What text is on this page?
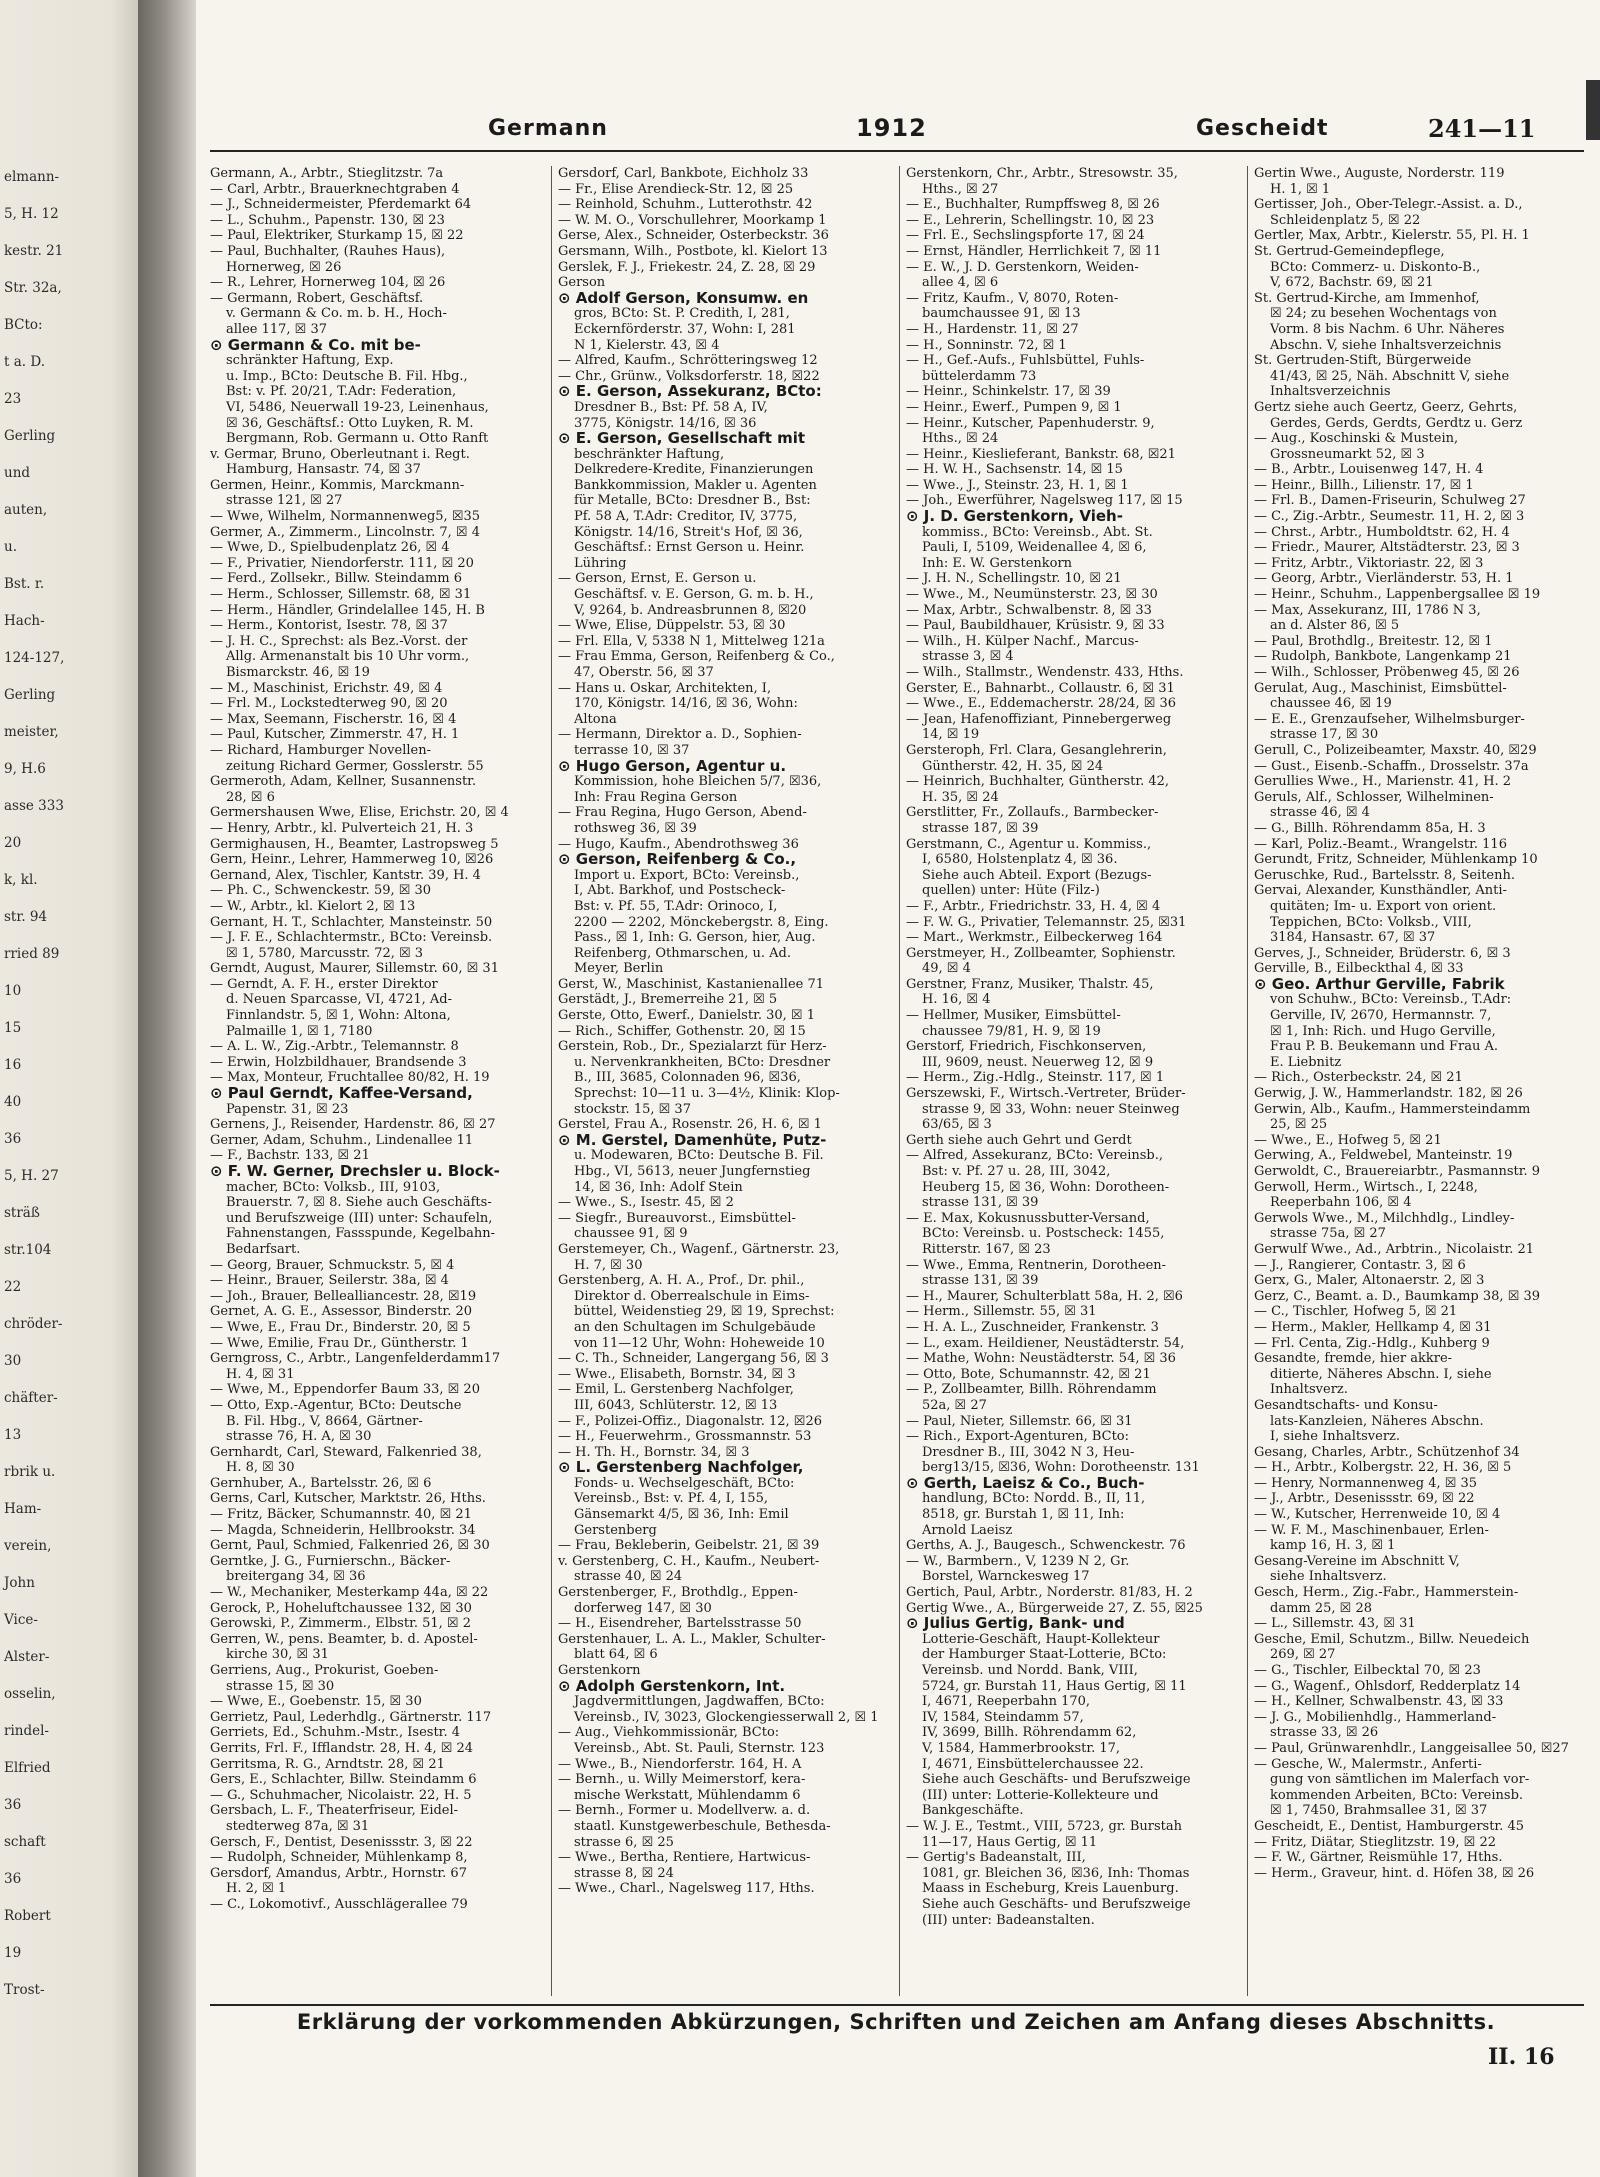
elmann-
5, H. 12
kestr. 21
Str. 32a,
BCto:
t a. D.
23
Gerling
und
auten,
u.
Bst. r.
Hach-
124-127,
Gerling
meister,
9, H.6
asse 333
20
k, kl.
str. 94
rried 89
10
15
16
40
36
5, H. 27
sträß
str.104
22
chröder-
30
chäfter-
13
rbrik u.
Ham-
verein,
John
Vice-
Alster-
osselin,
rindel-
Elfried
36
schaft
36
Robert
19
Trost-
Germann	1912	Gescheidt	241—11
Germann, A., Arbtr., Stieglitzstr. 7a
— Carl, Arbtr., Brauerknechtgraben 4
— J., Schneidermeister, Pferdemarkt 64
— L., Schuhm., Papenstr. 130, ☒ 23
— Paul, Elektriker, Sturkamp 15, ☒ 22
— Paul, Buchhalter, (Rauhes Haus),
Hornerweg, ☒ 26
— R., Lehrer, Hornerweg 104, ☒ 26
— Germann, Robert, Geschäftsf.
v. Germann & Co. m. b. H., Hoch-
allee 117, ☒ 37
⊙ Germann & Co. mit be-
schränkter Haftung, Exp.
u. Imp., BCto: Deutsche B. Fil. Hbg.,
Bst: v. Pf. 20/21, T.Adr: Federation,
VI, 5486, Neuerwall 19-23, Leinenhaus,
☒ 36, Geschäftsf.: Otto Luyken, R. M.
Bergmann, Rob. Germann u. Otto Ranft
v. Germar, Bruno, Oberleutnant i. Regt.
Hamburg, Hansastr. 74, ☒ 37
Germen, Heinr., Kommis, Marckmann-
strasse 121, ☒ 27
— Wwe, Wilhelm, Normannenweg5, ☒35
Germer, A., Zimmerm., Lincolnstr. 7, ☒ 4
— Wwe, D., Spielbudenplatz 26, ☒ 4
— F., Privatier, Niendorferstr. 111, ☒ 20
— Ferd., Zollsekr., Billw. Steindamm 6
— Herm., Schlosser, Sillemstr. 68, ☒ 31
— Herm., Händler, Grindelallee 145, H. B
— Herm., Kontorist, Isestr. 78, ☒ 37
— J. H. C., Sprechst: als Bez.-Vorst. der
Allg. Armenanstalt bis 10 Uhr vorm.,
Bismarckstr. 46, ☒ 19
— M., Maschinist, Erichstr. 49, ☒ 4
— Frl. M., Lockstedterweg 90, ☒ 20
— Max, Seemann, Fischerstr. 16, ☒ 4
— Paul, Kutscher, Zimmerstr. 47, H. 1
— Richard, Hamburger Novellen-
zeitung Richard Germer, Gosslerstr. 55
Germeroth, Adam, Kellner, Susannenstr.
28, ☒ 6
Germershausen Wwe, Elise, Erichstr. 20, ☒ 4
— Henry, Arbtr., kl. Pulverteich 21, H. 3
Germighausen, H., Beamter, Lastropsweg 5
Gern, Heinr., Lehrer, Hammerweg 10, ☒26
Gernand, Alex, Tischler, Kantstr. 39, H. 4
— Ph. C., Schwenckestr. 59, ☒ 30
— W., Arbtr., kl. Kielort 2, ☒ 13
Gernant, H. T., Schlachter, Mansteinstr. 50
— J. F. E., Schlachtermstr., BCto: Vereinsb.
☒ 1, 5780, Marcusstr. 72, ☒ 3
Gerndt, August, Maurer, Sillemstr. 60, ☒ 31
— Gerndt, A. F. H., erster Direktor
d. Neuen Sparcasse, VI, 4721, Ad-
Finnlandstr. 5, ☒ 1, Wohn: Altona,
Palmaille 1, ☒ 1, 7180
— A. L. W., Zig.-Arbtr., Telemannstr. 8
— Erwin, Holzbildhauer, Brandsende 3
— Max, Monteur, Fruchtallee 80/82, H. 19
⊙ Paul Gerndt, Kaffee-Versand,
Papenstr. 31, ☒ 23
Gernens, J., Reisender, Hardenstr. 86, ☒ 27
Gerner, Adam, Schuhm., Lindenallee 11
— F., Bachstr. 133, ☒ 21
⊙ F. W. Gerner, Drechsler u. Block-
macher, BCto: Volksb., III, 9103,
Brauerstr. 7, ☒ 8. Siehe auch Geschäfts-
und Berufszweige (III) unter: Schaufeln,
Fahnenstangen, Fassspunde, Kegelbahn-
Bedarfsart.
— Georg, Brauer, Schmuckstr. 5, ☒ 4
— Heinr., Brauer, Seilerstr. 38a, ☒ 4
— Joh., Brauer, Bellealliancestr. 28, ☒19
Gernet, A. G. E., Assessor, Binderstr. 20
— Wwe, E., Frau Dr., Binderstr. 20, ☒ 5
— Wwe, Emilie, Frau Dr., Güntherstr. 1
Gerngross, C., Arbtr., Langenfelderdamm17
H. 4, ☒ 31
— Wwe, M., Eppendorfer Baum 33, ☒ 20
— Otto, Exp.-Agentur, BCto: Deutsche
B. Fil. Hbg., V, 8664, Gärtner-
strasse 76, H. A, ☒ 30
Gernhardt, Carl, Steward, Falkenried 38,
H. 8, ☒ 30
Gernhuber, A., Bartelsstr. 26, ☒ 6
Gerns, Carl, Kutscher, Marktstr. 26, Hths.
— Fritz, Bäcker, Schumannstr. 40, ☒ 21
— Magda, Schneiderin, Hellbrookstr. 34
Gernt, Paul, Schmied, Falkenried 26, ☒ 30
Gerntke, J. G., Furnierschn., Bäcker-
breitergang 34, ☒ 36
— W., Mechaniker, Mesterkamp 44a, ☒ 22
Gerock, P., Hoheluftchaussee 132, ☒ 30
Gerowski, P., Zimmerm., Elbstr. 51, ☒ 2
Gerren, W., pens. Beamter, b. d. Apostel-
kirche 30, ☒ 31
Gerriens, Aug., Prokurist, Goeben-
strasse 15, ☒ 30
— Wwe, E., Goebenstr. 15, ☒ 30
Gerrietz, Paul, Lederhdlg., Gärtnerstr. 117
Gerriets, Ed., Schuhm.-Mstr., Isestr. 4
Gerrits, Frl. F., Ifflandstr. 28, H. 4, ☒ 24
Gerritsma, R. G., Arndtstr. 28, ☒ 21
Gers, E., Schlachter, Billw. Steindamm 6
— G., Schuhmacher, Nicolaistr. 22, H. 5
Gersbach, L. F., Theaterfriseur, Eidel-
stedterweg 87a, ☒ 31
Gersch, F., Dentist, Desenissstr. 3, ☒ 22
— Rudolph, Schneider, Mühlenkamp 8,
Gersdorf, Amandus, Arbtr., Hornstr. 67
H. 2, ☒ 1
— C., Lokomotivf., Ausschlägerallee 79
Gersdorf, Carl, Bankbote, Eichholz 33
— Fr., Elise Arendieck-Str. 12, ☒ 25
— Reinhold, Schuhm., Lutterothstr. 42
— W. M. O., Vorschullehrer, Moorkamp 1
Gerse, Alex., Schneider, Osterbeckstr. 36
Gersmann, Wilh., Postbote, kl. Kielort 13
Gerslek, F. J., Friekestr. 24, Z. 28, ☒ 29
Gerson
⊙ Adolf Gerson, Konsumw. en
gros, BCto: St. P. Credith, I, 281,
Eckernförderstr. 37, Wohn: I, 281
N 1, Kielerstr. 43, ☒ 4
— Alfred, Kaufm., Schrötteringsweg 12
— Chr., Grünw., Volksdorferstr. 18, ☒22
⊙ E. Gerson, Assekuranz, BCto:
Dresdner B., Bst: Pf. 58 A, IV,
3775, Königstr. 14/16, ☒ 36
⊙ E. Gerson, Gesellschaft mit
beschränkter Haftung,
Delkredere-Kredite, Finanzierungen
Bankkommission, Makler u. Agenten
für Metalle, BCto: Dresdner B., Bst:
Pf. 58 A, T.Adr: Creditor, IV, 3775,
Königstr. 14/16, Streit's Hof, ☒ 36,
Geschäftsf.: Ernst Gerson u. Heinr.
Lühring
— Gerson, Ernst, E. Gerson u.
Geschäftsf. v. E. Gerson, G. m. b. H.,
V, 9264, b. Andreasbrunnen 8, ☒20
— Wwe, Elise, Düppelstr. 53, ☒ 30
— Frl. Ella, V, 5338 N 1, Mittelweg 121a
— Frau Emma, Gerson, Reifenberg & Co.,
47, Oberstr. 56, ☒ 37
— Hans u. Oskar, Architekten, I,
170, Königstr. 14/16, ☒ 36, Wohn:
Altona
— Hermann, Direktor a. D., Sophien-
terrasse 10, ☒ 37
⊙ Hugo Gerson, Agentur u.
Kommission, hohe Bleichen 5/7, ☒36,
Inh: Frau Regina Gerson
— Frau Regina, Hugo Gerson, Abend-
rothsweg 36, ☒ 39
— Hugo, Kaufm., Abendrothsweg 36
⊙ Gerson, Reifenberg & Co.,
Import u. Export, BCto: Vereinsb.,
I, Abt. Barkhof, und Postscheck-
Bst: v. Pf. 55, T.Adr: Orinoco, I,
2200 — 2202, Mönckebergstr. 8, Eing.
Pass., ☒ 1, Inh: G. Gerson, hier, Aug.
Reifenberg, Othmarschen, u. Ad.
Meyer, Berlin
Gerst, W., Maschinist, Kastanienallee 71
Gerstädt, J., Bremerreihe 21, ☒ 5
Gerste, Otto, Ewerf., Danielstr. 30, ☒ 1
— Rich., Schiffer, Gothenstr. 20, ☒ 15
Gerstein, Rob., Dr., Spezialarzt für Herz-
u. Nervenkrankheiten, BCto: Dresdner
B., III, 3685, Colonnaden 96, ☒36,
Sprechst: 10—11 u. 3—4½, Klinik: Klop-
stockstr. 15, ☒ 37
Gerstel, Frau A., Rosenstr. 26, H. 6, ☒ 1
⊙ M. Gerstel, Damenhüte, Putz-
u. Modewaren, BCto: Deutsche B. Fil.
Hbg., VI, 5613, neuer Jungfernstieg
14, ☒ 36, Inh: Adolf Stein
— Wwe., S., Isestr. 45, ☒ 2
— Siegfr., Bureauvorst., Eimsbüttel-
chaussee 91, ☒ 9
Gerstemeyer, Ch., Wagenf., Gärtnerstr. 23,
H. 7, ☒ 30
Gerstenberg, A. H. A., Prof., Dr. phil.,
Direktor d. Oberrealschule in Eims-
büttel, Weidenstieg 29, ☒ 19, Sprechst:
an den Schultagen im Schulgebäude
von 11—12 Uhr, Wohn: Hoheweide 10
— C. Th., Schneider, Langergang 56, ☒ 3
— Wwe., Elisabeth, Bornstr. 34, ☒ 3
— Emil, L. Gerstenberg Nachfolger,
III, 6043, Schlüterstr. 12, ☒ 13
— F., Polizei-Offiz., Diagonalstr. 12, ☒26
— H., Feuerwehrm., Grossmannstr. 53
— H. Th. H., Bornstr. 34, ☒ 3
⊙ L. Gerstenberg Nachfolger,
Fonds- u. Wechselgeschäft, BCto:
Vereinsb., Bst: v. Pf. 4, I, 155,
Gänsemarkt 4/5, ☒ 36, Inh: Emil
Gerstenberg
— Frau, Bekleberin, Geibelstr. 21, ☒ 39
v. Gerstenberg, C. H., Kaufm., Neubert-
strasse 40, ☒ 24
Gerstenberger, F., Brothdlg., Eppen-
dorferweg 147, ☒ 30
— H., Eisendreher, Bartelsstrasse 50
Gerstenhauer, L. A. L., Makler, Schulter-
blatt 64, ☒ 6
Gerstenkorn
⊙ Adolph Gerstenkorn, Int.
Jagdvermittlungen, Jagdwaffen, BCto:
Vereinsb., IV, 3023, Glockengiesserwall 2, ☒ 1
— Aug., Viehkommissionär, BCto:
Vereinsb., Abt. St. Pauli, Sternstr. 123
— Wwe., B., Niendorferstr. 164, H. A
— Bernh., u. Willy Meimerstorf, kera-
mische Werkstatt, Mühlendamm 6
— Bernh., Former u. Modellverw. a. d.
staatl. Kunstgewerbeschule, Bethesda-
strasse 6, ☒ 25
— Wwe., Bertha, Rentiere, Hartwicus-
strasse 8, ☒ 24
— Wwe., Charl., Nagelsweg 117, Hths.
Gerstenkorn, Chr., Arbtr., Stresowstr. 35,
Hths., ☒ 27
— E., Buchhalter, Rumpffsweg 8, ☒ 26
— E., Lehrerin, Schellingstr. 10, ☒ 23
— Frl. E., Sechslingspforte 17, ☒ 24
— Ernst, Händler, Herrlichkeit 7, ☒ 11
— E. W., J. D. Gerstenkorn, Weiden-
allee 4, ☒ 6
— Fritz, Kaufm., V, 8070, Roten-
baumchaussee 91, ☒ 13
— H., Hardenstr. 11, ☒ 27
— H., Sonninstr. 72, ☒ 1
— H., Gef.-Aufs., Fuhlsbüttel, Fuhls-
büttelerdamm 73
— Heinr., Schinkelstr. 17, ☒ 39
— Heinr., Ewerf., Pumpen 9, ☒ 1
— Heinr., Kutscher, Papenhuderstr. 9,
Hths., ☒ 24
— Heinr., Kieslieferant, Bankstr. 68, ☒21
— H. W. H., Sachsenstr. 14, ☒ 15
— Wwe., J., Steinstr. 23, H. 1, ☒ 1
— Joh., Ewerführer, Nagelsweg 117, ☒ 15
⊙ J. D. Gerstenkorn, Vieh-
kommiss., BCto: Vereinsb., Abt. St.
Pauli, I, 5109, Weidenallee 4, ☒ 6,
Inh: E. W. Gerstenkorn
— J. H. N., Schellingstr. 10, ☒ 21
— Wwe., M., Neumünsterstr. 23, ☒ 30
— Max, Arbtr., Schwalbenstr. 8, ☒ 33
— Paul, Baubildhauer, Krüsistr. 9, ☒ 33
— Wilh., H. Külper Nachf., Marcus-
strasse 3, ☒ 4
— Wilh., Stallmstr., Wendenstr. 433, Hths.
Gerster, E., Bahnarbt., Collaustr. 6, ☒ 31
— Wwe., E., Eddemacherstr. 28/24, ☒ 36
— Jean, Hafenoffiziant, Pinnebergerweg
14, ☒ 19
Gersteroph, Frl. Clara, Gesanglehrerin,
Güntherstr. 42, H. 35, ☒ 24
— Heinrich, Buchhalter, Güntherstr. 42,
H. 35, ☒ 24
Gerstlitter, Fr., Zollaufs., Barmbecker-
strasse 187, ☒ 39
Gerstmann, C., Agentur u. Kommiss.,
I, 6580, Holstenplatz 4, ☒ 36.
Siehe auch Abteil. Export (Bezugs-
quellen) unter: Hüte (Filz-)
— F., Arbtr., Friedrichstr. 33, H. 4, ☒ 4
— F. W. G., Privatier, Telemannstr. 25, ☒31
— Mart., Werkmstr., Eilbeckerweg 164
Gerstmeyer, H., Zollbeamter, Sophienstr.
49, ☒ 4
Gerstner, Franz, Musiker, Thalstr. 45,
H. 16, ☒ 4
— Hellmer, Musiker, Eimsbüttel-
chaussee 79/81, H. 9, ☒ 19
Gerstorf, Friedrich, Fischkonserven,
III, 9609, neust. Neuerweg 12, ☒ 9
— Herm., Zig.-Hdlg., Steinstr. 117, ☒ 1
Gerszewski, F., Wirtsch.-Vertreter, Brüder-
strasse 9, ☒ 33, Wohn: neuer Steinweg
63/65, ☒ 3
Gerth siehe auch Gehrt und Gerdt
— Alfred, Assekuranz, BCto: Vereinsb.,
Bst: v. Pf. 27 u. 28, III, 3042,
Heuberg 15, ☒ 36, Wohn: Dorotheen-
strasse 131, ☒ 39
— E. Max, Kokusnussbutter-Versand,
BCto: Vereinsb. u. Postscheck: 1455,
Ritterstr. 167, ☒ 23
— Wwe., Emma, Rentnerin, Dorotheen-
strasse 131, ☒ 39
— H., Maurer, Schulterblatt 58a, H. 2, ☒6
— Herm., Sillemstr. 55, ☒ 31
— H. A. L., Zuschneider, Frankenstr. 3
— L., exam. Heildiener, Neustädterstr. 54,
— Mathe, Wohn: Neustädterstr. 54, ☒ 36
— Otto, Bote, Schumannstr. 42, ☒ 21
— P., Zollbeamter, Billh. Röhrendamm
52a, ☒ 27
— Paul, Nieter, Sillemstr. 66, ☒ 31
— Rich., Export-Agenturen, BCto:
Dresdner B., III, 3042 N 3, Heu-
berg13/15, ☒36, Wohn: Dorotheenstr. 131
⊙ Gerth, Laeisz & Co., Buch-
handlung, BCto: Nordd. B., II, 11,
8518, gr. Burstah 1, ☒ 11, Inh:
Arnold Laeisz
Gerths, A. J., Baugesch., Schwenckestr. 76
— W., Barmbern., V, 1239 N 2, Gr.
Borstel, Warnckesweg 17
Gertich, Paul, Arbtr., Norderstr. 81/83, H. 2
Gertig Wwe., A., Bürgerweide 27, Z. 55, ☒25
⊙ Julius Gertig, Bank- und
Lotterie-Geschäft, Haupt-Kollekteur
der Hamburger Staat-Lotterie, BCto:
Vereinsb. und Nordd. Bank, VIII,
5724, gr. Burstah 11, Haus Gertig, ☒ 11
I, 4671, Reeperbahn 170,
IV, 1584, Steindamm 57,
IV, 3699, Billh. Röhrendamm 62,
V, 1584, Hammerbrookstr. 17,
I, 4671, Einsbüttelerchaussee 22.
Siehe auch Geschäfts- und Berufszweige
(III) unter: Lotterie-Kollekteure und
Bankgeschäfte.
— W. J. E., Testmt., VIII, 5723, gr. Burstah
11—17, Haus Gertig, ☒ 11
— Gertig's Badeanstalt, III,
1081, gr. Bleichen 36, ☒36, Inh: Thomas
Maass in Escheburg, Kreis Lauenburg.
Siehe auch Geschäfts- und Berufszweige
(III) unter: Badeanstalten.
Gertin Wwe., Auguste, Norderstr. 119
H. 1, ☒ 1
Gertisser, Joh., Ober-Telegr.-Assist. a. D.,
Schleidenplatz 5, ☒ 22
Gertler, Max, Arbtr., Kielerstr. 55, Pl. H. 1
St. Gertrud-Gemeindepflege,
BCto: Commerz- u. Diskonto-B.,
V, 672, Bachstr. 69, ☒ 21
St. Gertrud-Kirche, am Immenhof,
☒ 24; zu besehen Wochentags von
Vorm. 8 bis Nachm. 6 Uhr. Näheres
Abschn. V, siehe Inhaltsverzeichnis
St. Gertruden-Stift, Bürgerweide
41/43, ☒ 25, Näh. Abschnitt V, siehe
Inhaltsverzeichnis
Gertz siehe auch Geertz, Geerz, Gehrts,
Gerdes, Gerds, Gerdts, Gerdtz u. Gerz
— Aug., Koschinski & Mustein,
Grossneumarkt 52, ☒ 3
— B., Arbtr., Louisenweg 147, H. 4
— Heinr., Billh., Lilienstr. 17, ☒ 1
— Frl. B., Damen-Friseurin, Schulweg 27
— C., Zig.-Arbtr., Seumestr. 11, H. 2, ☒ 3
— Chrst., Arbtr., Humboldtstr. 62, H. 4
— Friedr., Maurer, Altstädterstr. 23, ☒ 3
— Fritz, Arbtr., Viktoriastr. 22, ☒ 3
— Georg, Arbtr., Vierländerstr. 53, H. 1
— Heinr., Schuhm., Lappenbergsallee ☒ 19
— Max, Assekuranz, III, 1786 N 3,
an d. Alster 86, ☒ 5
— Paul, Brothdlg., Breitestr. 12, ☒ 1
— Rudolph, Bankbote, Langenkamp 21
— Wilh., Schlosser, Pröbenweg 45, ☒ 26
Gerulat, Aug., Maschinist, Eimsbüttel-
chaussee 46, ☒ 19
— E. E., Grenzaufseher, Wilhelmsburger-
strasse 17, ☒ 30
Gerull, C., Polizeibeamter, Maxstr. 40, ☒29
— Gust., Eisenb.-Schaffn., Drosselstr. 37a
Gerullies Wwe., H., Marienstr. 41, H. 2
Geruls, Alf., Schlosser, Wilhelminen-
strasse 46, ☒ 4
— G., Billh. Röhrendamm 85a, H. 3
— Karl, Poliz.-Beamt., Wrangelstr. 116
Gerundt, Fritz, Schneider, Mühlenkamp 10
Geruschke, Rud., Bartelsstr. 8, Seitenh.
Gervai, Alexander, Kunsthändler, Anti-
quitäten; Im- u. Export von orient.
Teppichen, BCto: Volksb., VIII,
3184, Hansastr. 67, ☒ 37
Gerves, J., Schneider, Brüderstr. 6, ☒ 3
Gerville, B., Eilbeckthal 4, ☒ 33
⊙ Geo. Arthur Gerville, Fabrik
von Schuhw., BCto: Vereinsb., T.Adr:
Gerville, IV, 2670, Hermannstr. 7,
☒ 1, Inh: Rich. und Hugo Gerville,
Frau P. B. Beukemann und Frau A.
E. Liebnitz
— Rich., Osterbeckstr. 24, ☒ 21
Gerwig, J. W., Hammerlandstr. 182, ☒ 26
Gerwin, Alb., Kaufm., Hammersteindamm
25, ☒ 25
— Wwe., E., Hofweg 5, ☒ 21
Gerwing, A., Feldwebel, Manteinstr. 19
Gerwoldt, C., Brauereiarbtr., Pasmannstr. 9
Gerwoll, Herm., Wirtsch., I, 2248,
Reeperbahn 106, ☒ 4
Gerwols Wwe., M., Milchhdlg., Lindley-
strasse 75a, ☒ 27
Gerwulf Wwe., Ad., Arbtrin., Nicolaistr. 21
— J., Rangierer, Contastr. 3, ☒ 6
Gerx, G., Maler, Altonaerstr. 2, ☒ 3
Gerz, C., Beamt. a. D., Baumkamp 38, ☒ 39
— C., Tischler, Hofweg 5, ☒ 21
— Herm., Makler, Hellkamp 4, ☒ 31
— Frl. Centa, Zig.-Hdlg., Kuhberg 9
Gesandte, fremde, hier akkre-
ditierte, Näheres Abschn. I, siehe
Inhaltsverz.
Gesandtschafts- und Konsu-
lats-Kanzleien, Näheres Abschn.
I, siehe Inhaltsverz.
Gesang, Charles, Arbtr., Schützenhof 34
— H., Arbtr., Kolbergstr. 22, H. 36, ☒ 5
— Henry, Normannenweg 4, ☒ 35
— J., Arbtr., Desenissstr. 69, ☒ 22
— W., Kutscher, Herrenweide 10, ☒ 4
— W. F. M., Maschinenbauer, Erlen-
kamp 16, H. 3, ☒ 1
Gesang-Vereine im Abschnitt V,
siehe Inhaltsverz.
Gesch, Herm., Zig.-Fabr., Hammerstein-
damm 25, ☒ 28
— L., Sillemstr. 43, ☒ 31
Gesche, Emil, Schutzm., Billw. Neuedeich
269, ☒ 27
— G., Tischler, Eilbecktal 70, ☒ 23
— G., Wagenf., Ohlsdorf, Redderplatz 14
— H., Kellner, Schwalbenstr. 43, ☒ 33
— J. G., Mobilienhdlg., Hammerland-
strasse 33, ☒ 26
— Paul, Grünwarenhdlr., Langgeisallee 50, ☒27
— Gesche, W., Malermstr., Anferti-
gung von sämtlichen im Malerfach vor-
kommenden Arbeiten, BCto: Vereinsb.
☒ 1, 7450, Brahmsallee 31, ☒ 37
Gescheidt, E., Dentist, Hamburgerstr. 45
— Fritz, Diätar, Stieglitzstr. 19, ☒ 22
— F. W., Gärtner, Reismühle 17, Hths.
— Herm., Graveur, hint. d. Höfen 38, ☒ 26
Erklärung der vorkommenden Abkürzungen, Schriften und Zeichen am Anfang dieses Abschnitts.
II. 16
